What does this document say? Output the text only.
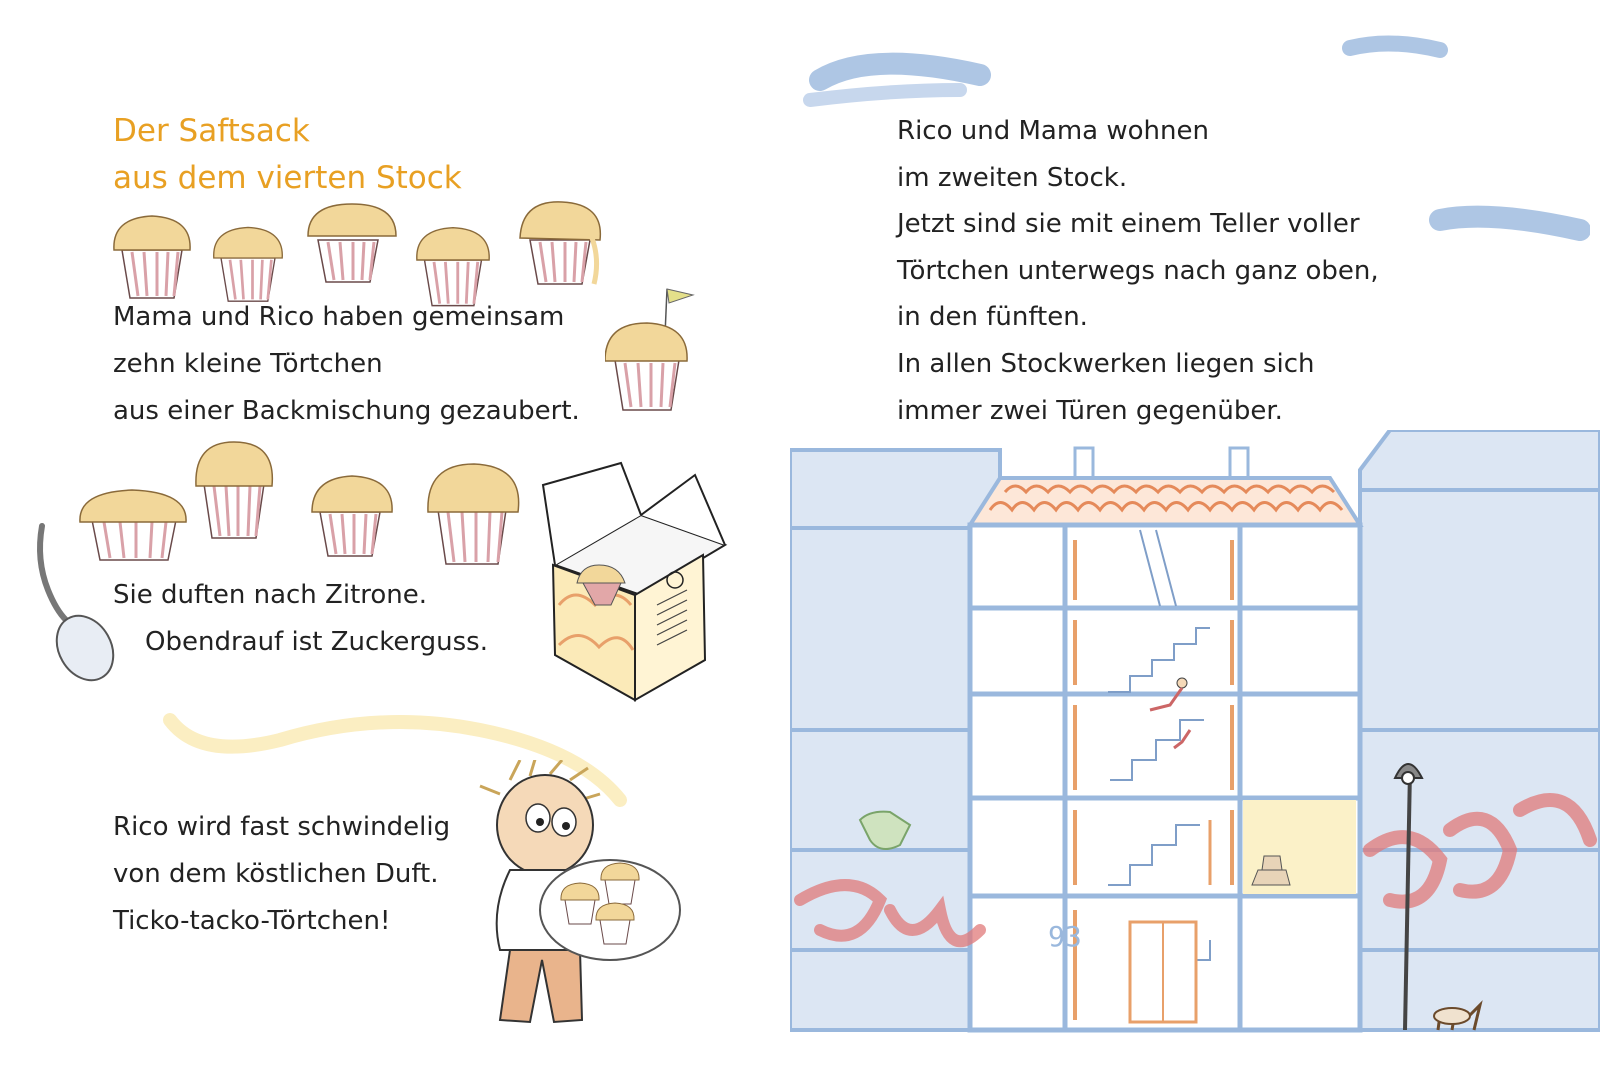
Der Saftsack
aus dem vierten Stock
Mama und Rico haben gemeinsam
zehn kleine Törtchen
aus einer Backmischung gezaubert.
Sie duften nach Zitrone.
Obendrauf ist Zuckerguss.
Rico wird fast schwindelig
von dem köstlichen Duft.
Ticko-tacko-Törtchen!
Rico und Mama wohnen
im zweiten Stock.
Jetzt sind sie mit einem Teller voller
Törtchen unterwegs nach ganz oben,
in den fünften.
In allen Stockwerken liegen sich
immer zwei Türen gegenüber.
93
